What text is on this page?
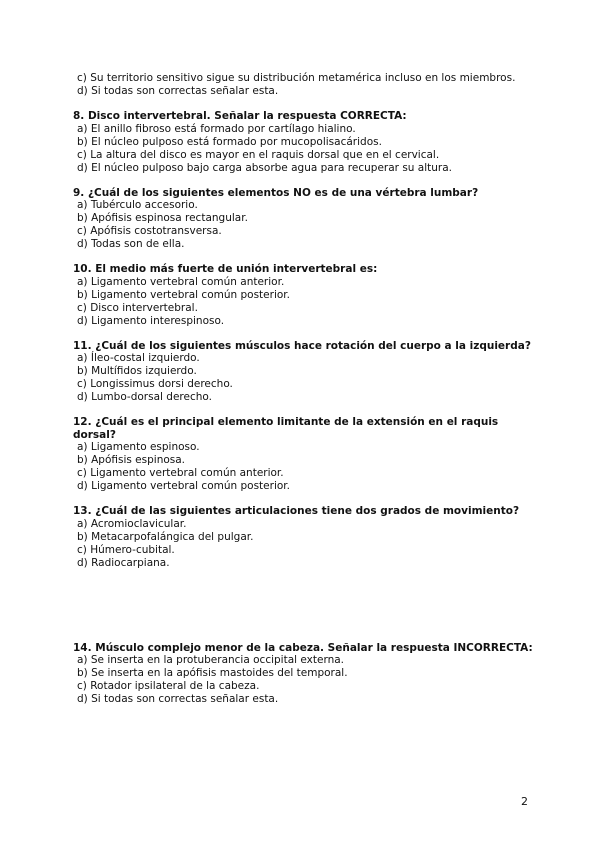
c) Su territorio sensitivo sigue su distribución metamérica incluso en los miembros.
d) Si todas son correctas señalar esta.
8. Disco intervertebral. Señalar la respuesta CORRECTA:
a) El anillo fibroso está formado por cartílago hialino.
b) El núcleo pulposo está formado por mucopolisacáridos.
c) La altura del disco es mayor en el raquis dorsal que en el cervical.
d) El núcleo pulposo bajo carga absorbe agua para recuperar su altura.
9. ¿Cuál de los siguientes elementos NO es de una vértebra lumbar?
a) Tubérculo accesorio.
b) Apófisis espinosa rectangular.
c) Apófisis costotransversa.
d) Todas son de ella.
10. El medio más fuerte de unión intervertebral es:
a) Ligamento vertebral común anterior.
b) Ligamento vertebral común posterior.
c) Disco intervertebral.
d) Ligamento interespinoso.
11. ¿Cuál de los siguientes músculos hace rotación del cuerpo a la izquierda?
a) Íleo-costal izquierdo.
b) Multífidos izquierdo.
c) Longissimus dorsi derecho.
d) Lumbo-dorsal derecho.
12. ¿Cuál es el principal elemento limitante de la extensión en el raquis dorsal?
a) Ligamento espinoso.
b) Apófisis espinosa.
c) Ligamento vertebral común anterior.
d) Ligamento vertebral común posterior.
13. ¿Cuál de las siguientes articulaciones tiene dos grados de movimiento?
a) Acromioclavicular.
b) Metacarpofalángica del pulgar.
c) Húmero-cubital.
d) Radiocarpiana.
14. Músculo complejo menor de la cabeza. Señalar la respuesta INCORRECTA:
a) Se inserta en la protuberancia occipital externa.
b) Se inserta en la apófisis mastoides del temporal.
c) Rotador ipsilateral de la cabeza.
d) Si todas son correctas señalar esta.
2
